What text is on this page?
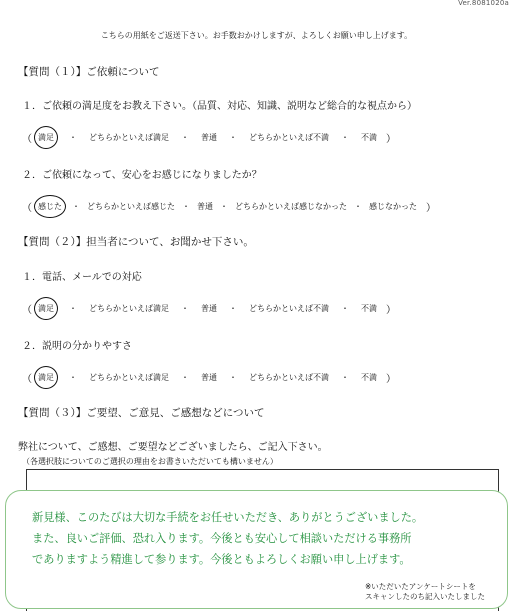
Ver.8081020a
こちらの用紙をご返送下さい。お手数おかけしますが、よろしくお願い申し上げます。
【質問（１）】ご依頼について
１．ご依頼の満足度をお教え下さい。（品質、対応、知識、説明など総合的な視点から）
（ 満足	・	どちらかといえば満足	・	普通	・	どちらかといえば不満	・	不満 ）
２．ご依頼になって、安心をお感じになりましたか？
（ 感じた	・ どちらかといえば感じた ・ 普通 ・ どちらかといえば感じなかった ・ 感じなかった ）
【質問（２）】担当者について、お聞かせ下さい。
１．電話、メールでの対応
（ 満足	・	どちらかといえば満足	・	普通	・	どちらかといえば不満	・	不満 ）
２．説明の分かりやすさ
（ 満足	・	どちらかといえば満足	・	普通	・	どちらかといえば不満	・	不満 ）
【質問（３）】ご要望、ご意見、ご感想などについて
弊社について、ご感想、ご要望などございましたら、ご記入下さい。
（各選択肢についてのご選択の理由をお書きいただいても構いません）
新見様、このたびは大切な手続をお任せいただき、ありがとうございました。
また、良いご評価、恐れ入ります。今後とも安心して相談いただける事務所
でありますよう精進して参ります。今後ともよろしくお願い申し上げます。
※いただいたアンケートシートを
スキャンしたのち記入いたしました
